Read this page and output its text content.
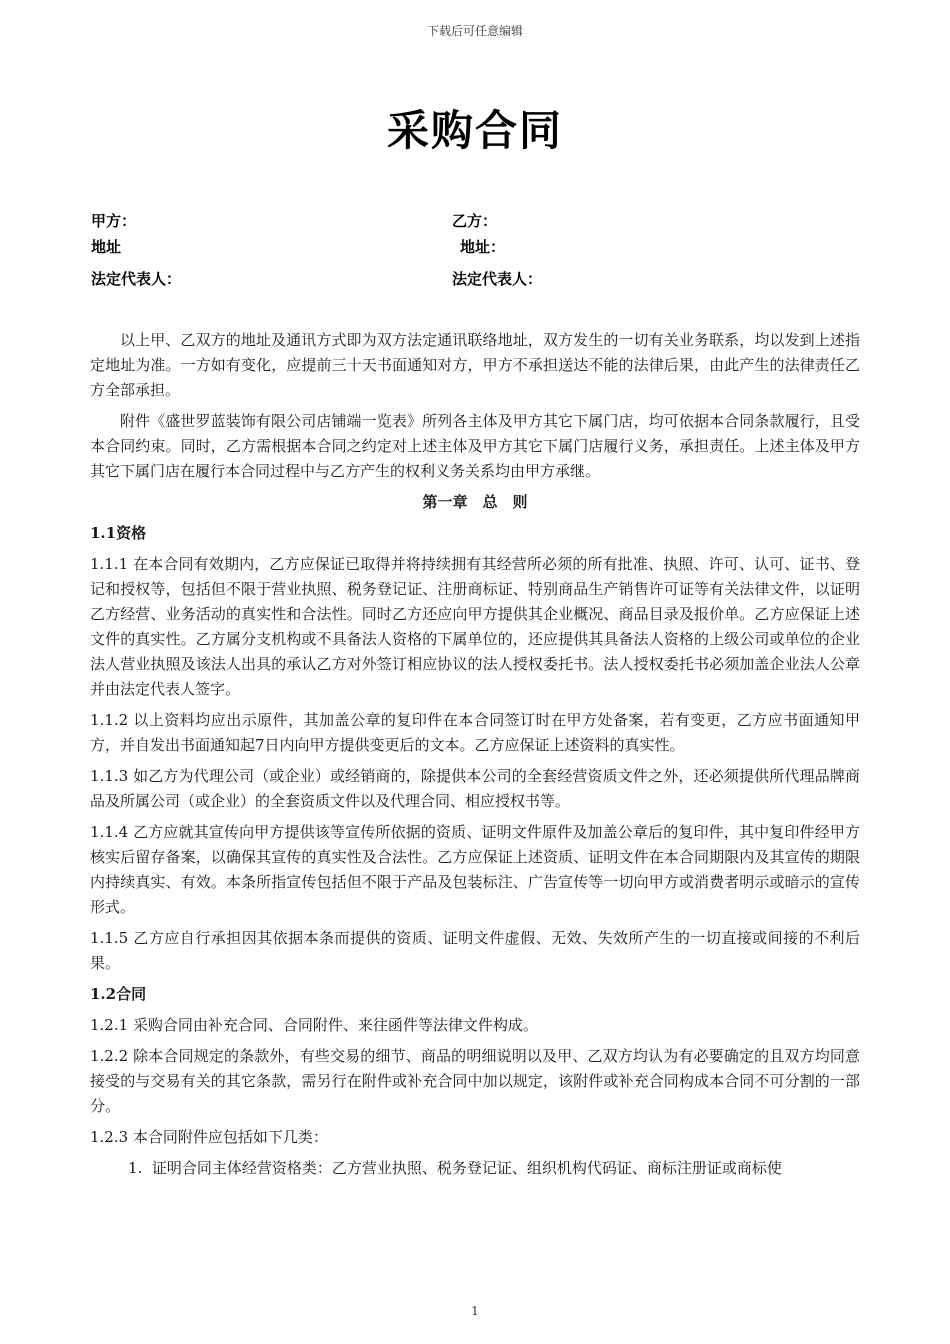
下载后可任意编辑
采购合同
甲方：	乙方：
地址	地址：
法定代表人：	法定代表人：

以上甲、乙双方的地址及通讯方式即为双方法定通讯联络地址，双方发生的一切有关业务联系，均以发到上述指定地址为准。一方如有变化，应提前三十天书面通知对方，甲方不承担送达不能的法律后果，由此产生的法律责任乙方全部承担。

附件《盛世罗蓝装饰有限公司店铺端一览表》所列各主体及甲方其它下属门店，均可依据本合同条款履行，且受本合同约束。同时，乙方需根据本合同之约定对上述主体及甲方其它下属门店履行义务，承担责任。上述主体及甲方其它下属门店在履行本合同过程中与乙方产生的权利义务关系均由甲方承继。

第一章　总　则
1.1资格

1.1.1 在本合同有效期内，乙方应保证已取得并将持续拥有其经营所必须的所有批准、执照、许可、认可、证书、登记和授权等，包括但不限于营业执照、税务登记证、注册商标证、特别商品生产销售许可证等有关法律文件，以证明乙方经营、业务活动的真实性和合法性。同时乙方还应向甲方提供其企业概况、商品目录及报价单。乙方应保证上述文件的真实性。乙方属分支机构或不具备法人资格的下属单位的，还应提供其具备法人资格的上级公司或单位的企业法人营业执照及该法人出具的承认乙方对外签订相应协议的法人授权委托书。法人授权委托书必须加盖企业法人公章并由法定代表人签字。

1.1.2 以上资料均应出示原件，其加盖公章的复印件在本合同签订时在甲方处备案，若有变更，乙方应书面通知甲方，并自发出书面通知起7日内向甲方提供变更后的文本。乙方应保证上述资料的真实性。

1.1.3 如乙方为代理公司（或企业）或经销商的，除提供本公司的全套经营资质文件之外，还必须提供所代理品牌商品及所属公司（或企业）的全套资质文件以及代理合同、相应授权书等。

1.1.4 乙方应就其宣传向甲方提供该等宣传所依据的资质、证明文件原件及加盖公章后的复印件，其中复印件经甲方核实后留存备案，以确保其宣传的真实性及合法性。乙方应保证上述资质、证明文件在本合同期限内及其宣传的期限内持续真实、有效。本条所指宣传包括但不限于产品及包装标注、广告宣传等一切向甲方或消费者明示或暗示的宣传形式。

1.1.5 乙方应自行承担因其依据本条而提供的资质、证明文件虚假、无效、失效所产生的一切直接或间接的不利后果。

1.2合同

1.2.1 采购合同由补充合同、合同附件、来往函件等法律文件构成。

1.2.2 除本合同规定的条款外，有些交易的细节、商品的明细说明以及甲、乙双方均认为有必要确定的且双方均同意接受的与交易有关的其它条款，需另行在附件或补充合同中加以规定，该附件或补充合同构成本合同不可分割的一部分。

1.2.3 本合同附件应包括如下几类：

1.  证明合同主体经营资格类：乙方营业执照、税务登记证、组织机构代码证、商标注册证或商标使

1
